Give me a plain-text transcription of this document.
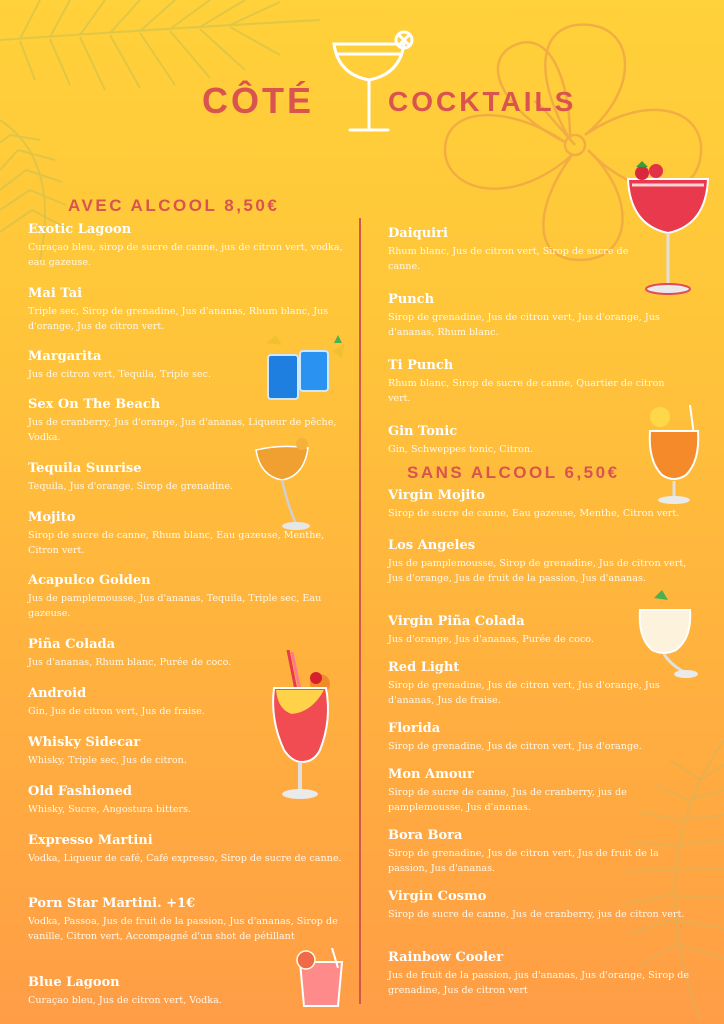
CÔTÉ	COCKTAILS
AVEC ALCOOL 8,50€
SANS ALCOOL 6,50€
Exotic Lagoon
Curaçao bleu, sirop de sucre de canne, jus de citron vert, vodka, eau gazeuse.
Mai Tai
Triple sec, Sirop de grenadine, Jus d'ananas, Rhum blanc, Jus d'orange, Jus de citron vert.
Margarita
Jus de citron vert, Tequila, Triple sec.
Sex On The Beach
Jus de cranberry, Jus d'orange, Jus d'ananas, Liqueur de pêche, Vodka.
Tequila Sunrise
Tequila, Jus d'orange, Sirop de grenadine.
Mojito
Sirop de sucre de canne, Rhum blanc, Eau gazeuse, Menthe, Citron vert.
Acapulco Golden
Jus de pamplemousse, Jus d'ananas, Tequila, Triple sec, Eau gazeuse.
Piña Colada
Jus d'ananas, Rhum blanc, Purée de coco.
Android
Gin, Jus de citron vert, Jus de fraise.
Whisky Sidecar
Whisky, Triple sec, Jus de citron.
Old Fashioned
Whisky, Sucre, Angostura bitters.
Expresso Martini
Vodka, Liqueur de café, Café expresso, Sirop de sucre de canne.
Porn Star Martini. +1€
Vodka, Passoa, Jus de fruit de la passion, Jus d'ananas, Sirop de vanille, Citron vert, Accompagné d'un shot de pétillant
Blue Lagoon
Curaçao bleu, Jus de citron vert, Vodka.
Daiquiri
Rhum blanc, Jus de citron vert, Sirop de sucre de canne.
Punch
Sirop de grenadine, Jus de citron vert, Jus d'orange, Jus d'ananas, Rhum blanc.
Ti Punch
Rhum blanc, Sirop de sucre de canne, Quartier de citron vert.
Gin Tonic
Gin, Schweppes tonic, Citron.
Virgin Mojito
Sirop de sucre de canne, Eau gazeuse, Menthe, Citron vert.
Los Angeles
Jus de pamplemousse, Sirop de grenadine, Jus de citron vert, Jus d'orange, Jus de fruit de la passion, Jus d'ananas.
Virgin Piña Colada
Jus d'orange, Jus d'ananas, Purée de coco.
Red Light
Sirop de grenadine, Jus de citron vert, Jus d'orange, Jus d'ananas, Jus de fraise.
Florida
Sirop de grenadine, Jus de citron vert, Jus d'orange.
Mon Amour
Sirop de sucre de canne, Jus de cranberry, jus de pamplemousse, Jus d'ananas.
Bora Bora
Sirop de grenadine, Jus de citron vert, Jus de fruit de la passion, Jus d'ananas.
Virgin Cosmo
Sirop de sucre de canne, Jus de cranberry, jus de citron vert.
Rainbow Cooler
Jus de fruit de la passion, jus d'ananas, Jus d'orange, Sirop de grenadine, Jus de citron vert
